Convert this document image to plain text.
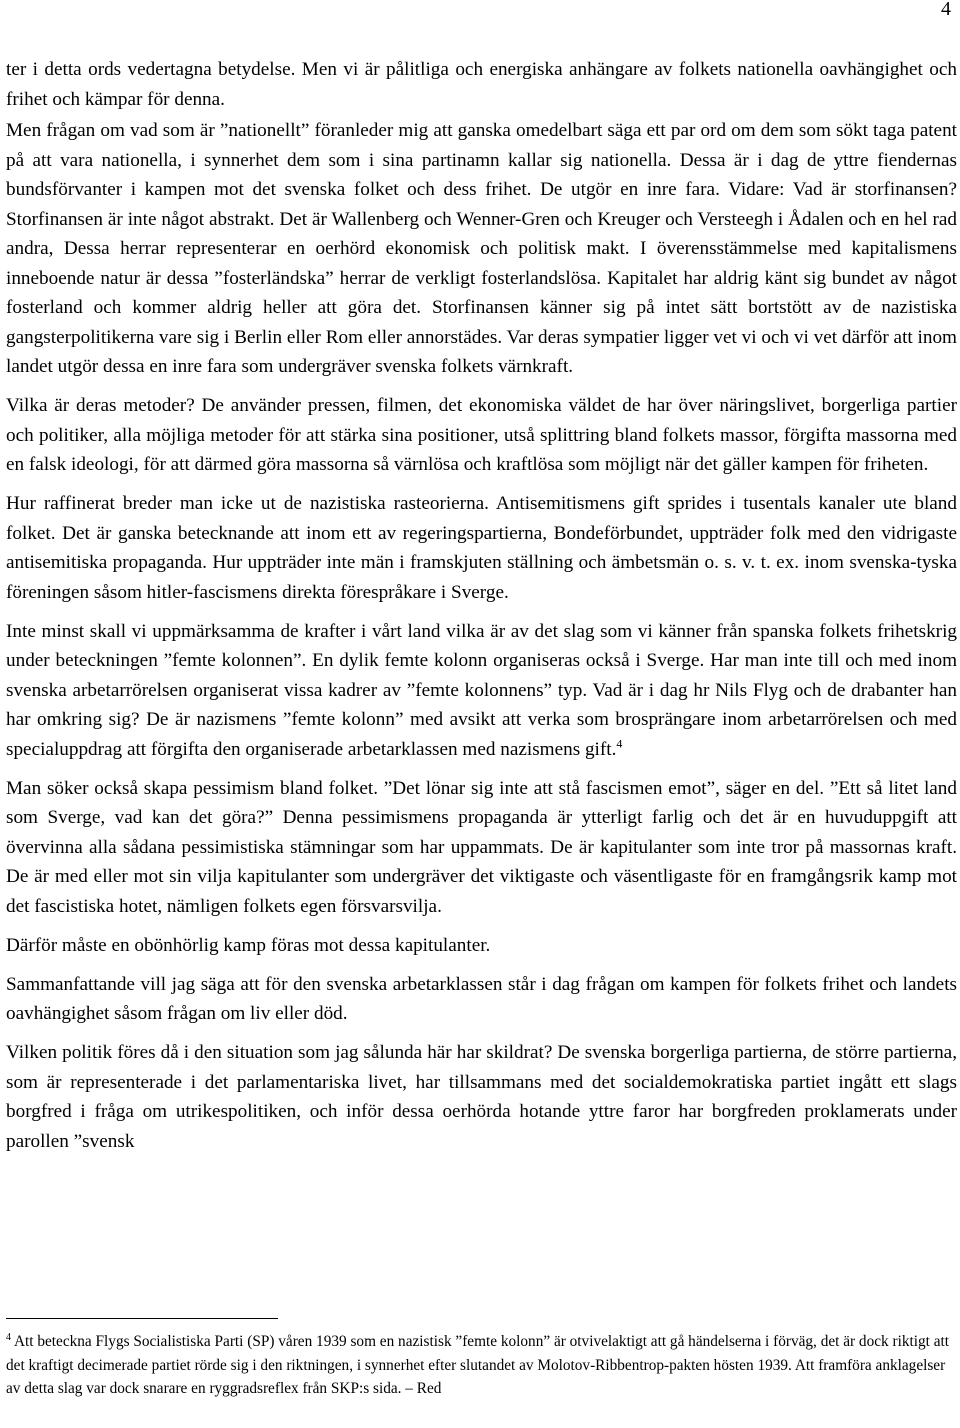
4

ter i detta ords vedertagna betydelse. Men vi är pålitliga och energiska anhängare av folkets nationella oavhängighet och frihet och kämpar för denna.

Men frågan om vad som är ”nationellt” föranleder mig att ganska omedelbart säga ett par ord om dem som sökt taga patent på att vara nationella, i synnerhet dem som i sina partinamn kallar sig nationella. Dessa är i dag de yttre fiendernas bundsförvanter i kampen mot det svenska folket och dess frihet. De utgör en inre fara. Vidare: Vad är storfinansen? Storfinansen är inte något abstrakt. Det är Wallenberg och Wenner-Gren och Kreuger och Versteegh i Ådalen och en hel rad andra, Dessa herrar representerar en oerhörd ekonomisk och politisk makt. I överensstämmelse med kapitalismens inneboende natur är dessa ”fosterländska” herrar de verkligt fosterlandslösa. Kapitalet har aldrig känt sig bundet av något fosterland och kommer aldrig heller att göra det. Storfinansen känner sig på intet sätt bortstött av de nazistiska gangsterpolitikerna vare sig i Berlin eller Rom eller annorstädes. Var deras sympatier ligger vet vi och vi vet därför att inom landet utgör dessa en inre fara som undergräver svenska folkets värnkraft.

Vilka är deras metoder? De använder pressen, filmen, det ekonomiska väldet de har över näringslivet, borgerliga partier och politiker, alla möjliga metoder för att stärka sina positioner, utså splittring bland folkets massor, förgifta massorna med en falsk ideologi, för att därmed göra massorna så värnlösa och kraftlösa som möjligt när det gäller kampen för friheten.

Hur raffinerat breder man icke ut de nazistiska rasteorierna. Antisemitismens gift sprides i tusentals kanaler ute bland folket. Det är ganska betecknande att inom ett av regeringspartierna, Bondeförbundet, uppträder folk med den vidrigaste antisemitiska propaganda. Hur uppträder inte män i framskjuten ställning och ämbetsmän o. s. v. t. ex. inom svenska-tyska föreningen såsom hitler-fascismens direkta förespråkare i Sverge.

Inte minst skall vi uppmärksamma de krafter i vårt land vilka är av det slag som vi känner från spanska folkets frihetskrig under beteckningen ”femte kolonnen”. En dylik femte kolonn organiseras också i Sverge. Har man inte till och med inom svenska arbetarrörelsen organiserat vissa kadrer av ”femte kolonnens” typ. Vad är i dag hr Nils Flyg och de drabanter han har omkring sig? De är nazismens ”femte kolonn” med avsikt att verka som brosprängare inom arbetarrörelsen och med specialuppdrag att förgifta den organiserade arbetarklassen med nazismens gift.$^4$

Man söker också skapa pessimism bland folket. ”Det lönar sig inte att stå fascismen emot”, säger en del. ”Ett så litet land som Sverge, vad kan det göra?” Denna pessimismens propaganda är ytterligt farlig och det är en huvuduppgift att övervinna alla sådana pessimistiska stämningar som har uppammats. De är kapitulanter som inte tror på massornas kraft. De är med eller mot sin vilja kapitulanter som undergräver det viktigaste och väsentligaste för en framgångsrik kamp mot det fascistiska hotet, nämligen folkets egen försvarsvilja.

Därför måste en obönhörlig kamp föras mot dessa kapitulanter.

Sammanfattande vill jag säga att för den svenska arbetarklassen står i dag frågan om kampen för folkets frihet och landets oavhängighet såsom frågan om liv eller död.

Vilken politik föres då i den situation som jag sålunda här har skildrat? De svenska borgerliga partierna, de större partierna, som är representerade i det parlamentariska livet, har tillsammans med det socialdemokratiska partiet ingått ett slags borgfred i fråga om utrikespolitiken, och inför dessa oerhörda hotande yttre faror har borgfreden proklamerats under parollen ”svensk

$^4$ Att beteckna Flygs Socialistiska Parti (SP) våren 1939 som en nazistisk ”femte kolonn” är otvivelaktigt att gå händelserna i förväg, det är dock riktigt att det kraftigt decimerade partiet rörde sig i den riktningen, i synnerhet efter slutandet av Molotov-Ribbentrop-pakten hösten 1939. Att framföra anklagelser av detta slag var dock snarare en ryggradsreflex från SKP:s sida. – Red
